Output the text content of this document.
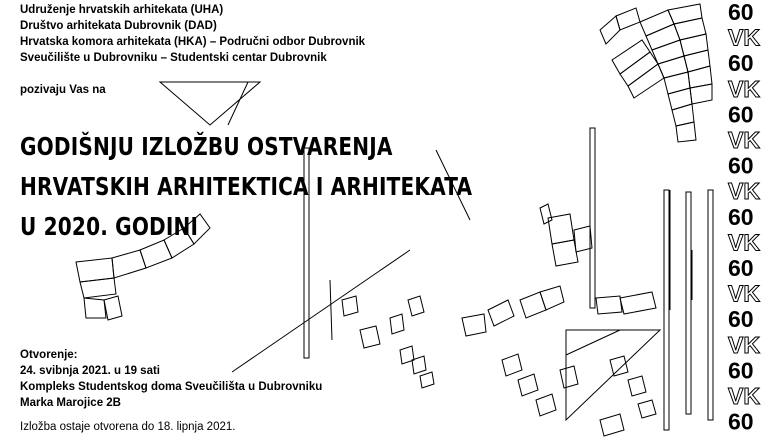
Udruženje hrvatskih arhitekata (UHA)
Društvo arhitekata Dubrovnik (DAD)
Hrvatska komora arhitekata (HKA) – Područni odbor Dubrovnik
Sveučilište u Dubrovniku – Studentski centar Dubrovnik
pozivaju Vas na
GODIŠNJU IZLOŽBU OSTVARENJA
HRVATSKIH ARHITEKTICA I ARHITEKATA
U 2020. GODINI
Otvorenje:
24. svibnja 2021. u 19 sati
Kompleks Studentskog doma Sveučilišta u Dubrovniku
Marka Marojice 2B
Izložba ostaje otvorena do 18. lipnja 2021.
60
VK
60
VK
60
VK
60
VK
60
VK
60
VK
60
VK
60
VK
60
